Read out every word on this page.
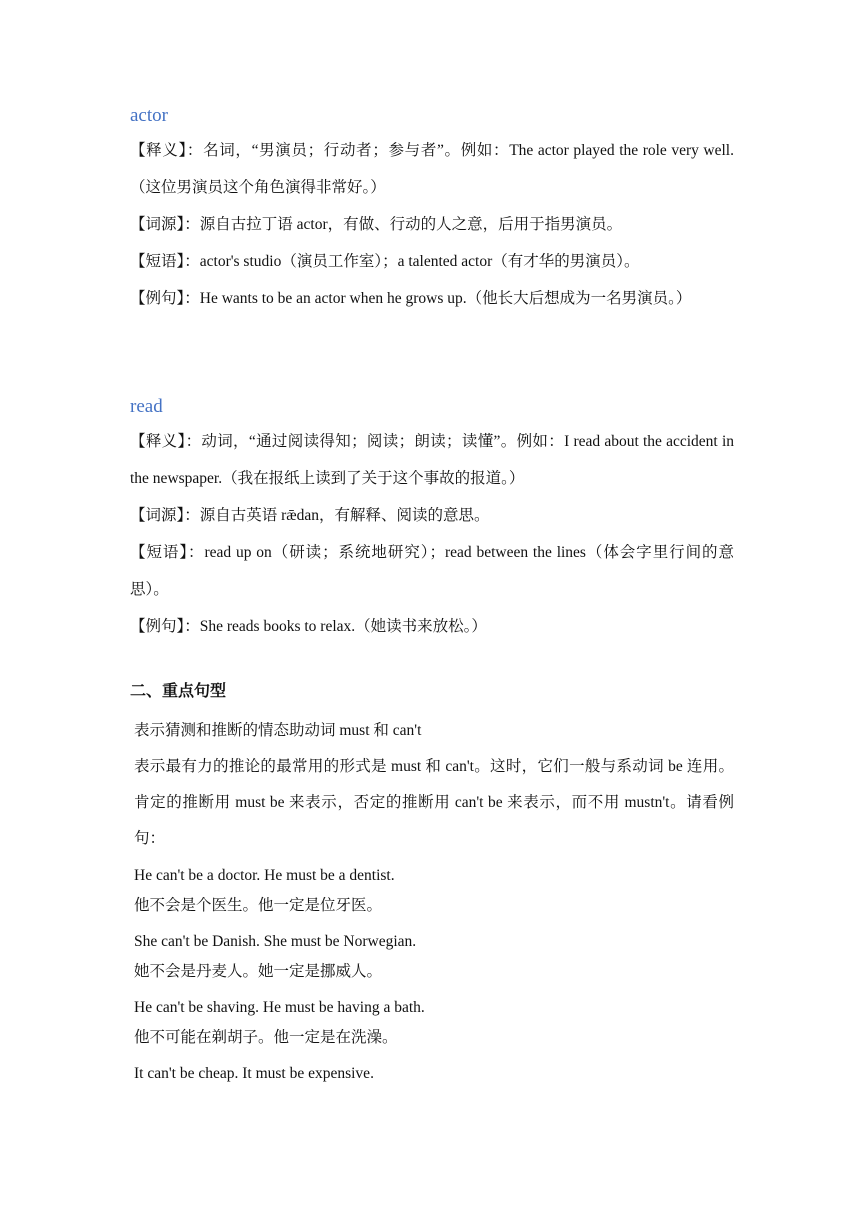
actor
【释义】：名词，“男演员；行动者；参与者”。例如：The actor played the role very well.（这位男演员这个角色演得非常好。）
【词源】：源自古拉丁语 actor，有做、行动的人之意，后用于指男演员。
【短语】：actor's studio（演员工作室）；a talented actor（有才华的男演员）。
【例句】：He wants to be an actor when he grows up.（他长大后想成为一名男演员。）
read
【释义】：动词，“通过阅读得知；阅读；朗读；读懂”。例如：I read about the accident in the newspaper.（我在报纸上读到了关于这个事故的报道。）
【词源】：源自古英语 rǣdan，有解释、阅读的意思。
【短语】：read up on（研读；系统地研究）；read between the lines（体会字里行间的意思）。
【例句】：She reads books to relax.（她读书来放松。）
二、重点句型
表示猜测和推断的情态助动词 must 和 can't
表示最有力的推论的最常用的形式是 must 和 can't。这时，它们一般与系动词 be 连用。肯定的推断用 must be 来表示，否定的推断用 can't be 来表示，而不用 mustn't。请看例句：
He can't be a doctor. He must be a dentist.
他不会是个医生。他一定是位牙医。
She can't be Danish. She must be Norwegian.
她不会是丹麦人。她一定是挪威人。
He can't be shaving. He must be having a bath.
他不可能在剃胡子。他一定是在洗澡。
It can't be cheap. It must be expensive.
